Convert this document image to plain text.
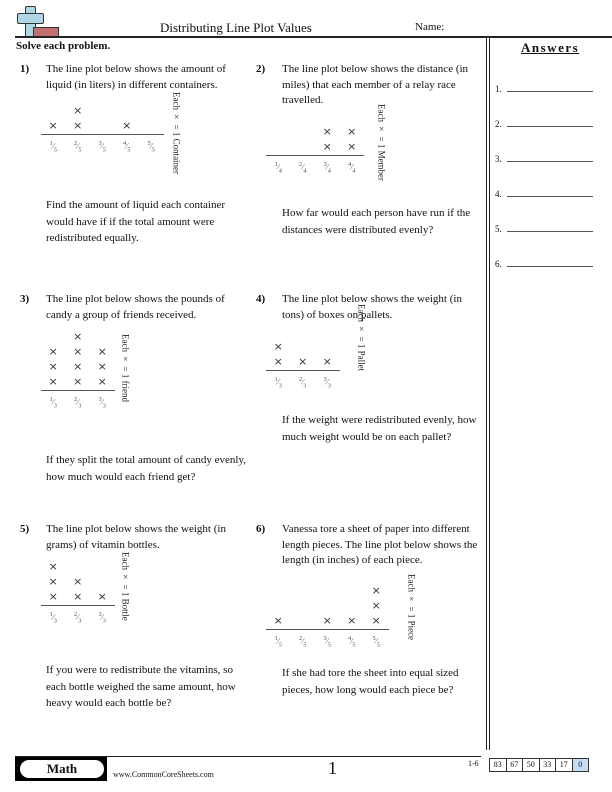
Distributing Line Plot Values	Name:
Solve each problem.	Answers
1.
2.
3.
4.
5.
6.
1) The line plot below shows the amount of liquid (in liters) in different containers.
$^1⁄_5$
×
$^2⁄_5$
×
×
$^3⁄_5$
$^4⁄_5$
×
$^5⁄_5$	Each × = 1 Container
Find the amount of liquid each container would have if if the total amount were redistributed equally.
2) The line plot below shows the distance (in miles) that each member of a relay race travelled.
$^1⁄_4$
$^2⁄_4$
$^3⁄_4$
×
×
$^4⁄_4$
×
×	Each × = 1 Member
How far would each person have run if the distances were distributed evenly?
3) The line plot below shows the pounds of candy a group of friends received.
$^1⁄_3$
×
×
×
$^2⁄_3$
×
×
×
×
$^3⁄_3$
×
×
×	Each × = 1 friend
If they split the total amount of candy evenly, how much would each friend get?
4) The line plot below shows the weight (in tons) of boxes on pallets.
$^1⁄_3$
×
×
$^2⁄_3$
×
$^3⁄_3$
×	Each × = 1 Pallet
If the weight were redistributed evenly, how much weight would be on each pallet?
5) The line plot below shows the weight (in grams) of vitamin bottles.
$^1⁄_3$
×
×
×
$^2⁄_3$
×
×
$^3⁄_3$
×	Each × = 1 Bottle
If you were to redistribute the vitamins, so each bottle weighed the same amount, how heavy would each bottle be?
6) Vanessa tore a sheet of paper into different length pieces. The line plot below shows the length (in inches) of each piece.
$^1⁄_5$
×
$^2⁄_5$
$^3⁄_5$
×
$^4⁄_5$
×
$^5⁄_5$
×
×
×	Each × = 1 Piece
If she had tore the sheet into equal sized pieces, how long would each piece be?
Math	www.CommonCoreSheets.com	1	1-6	83	67	50	33	17	0
